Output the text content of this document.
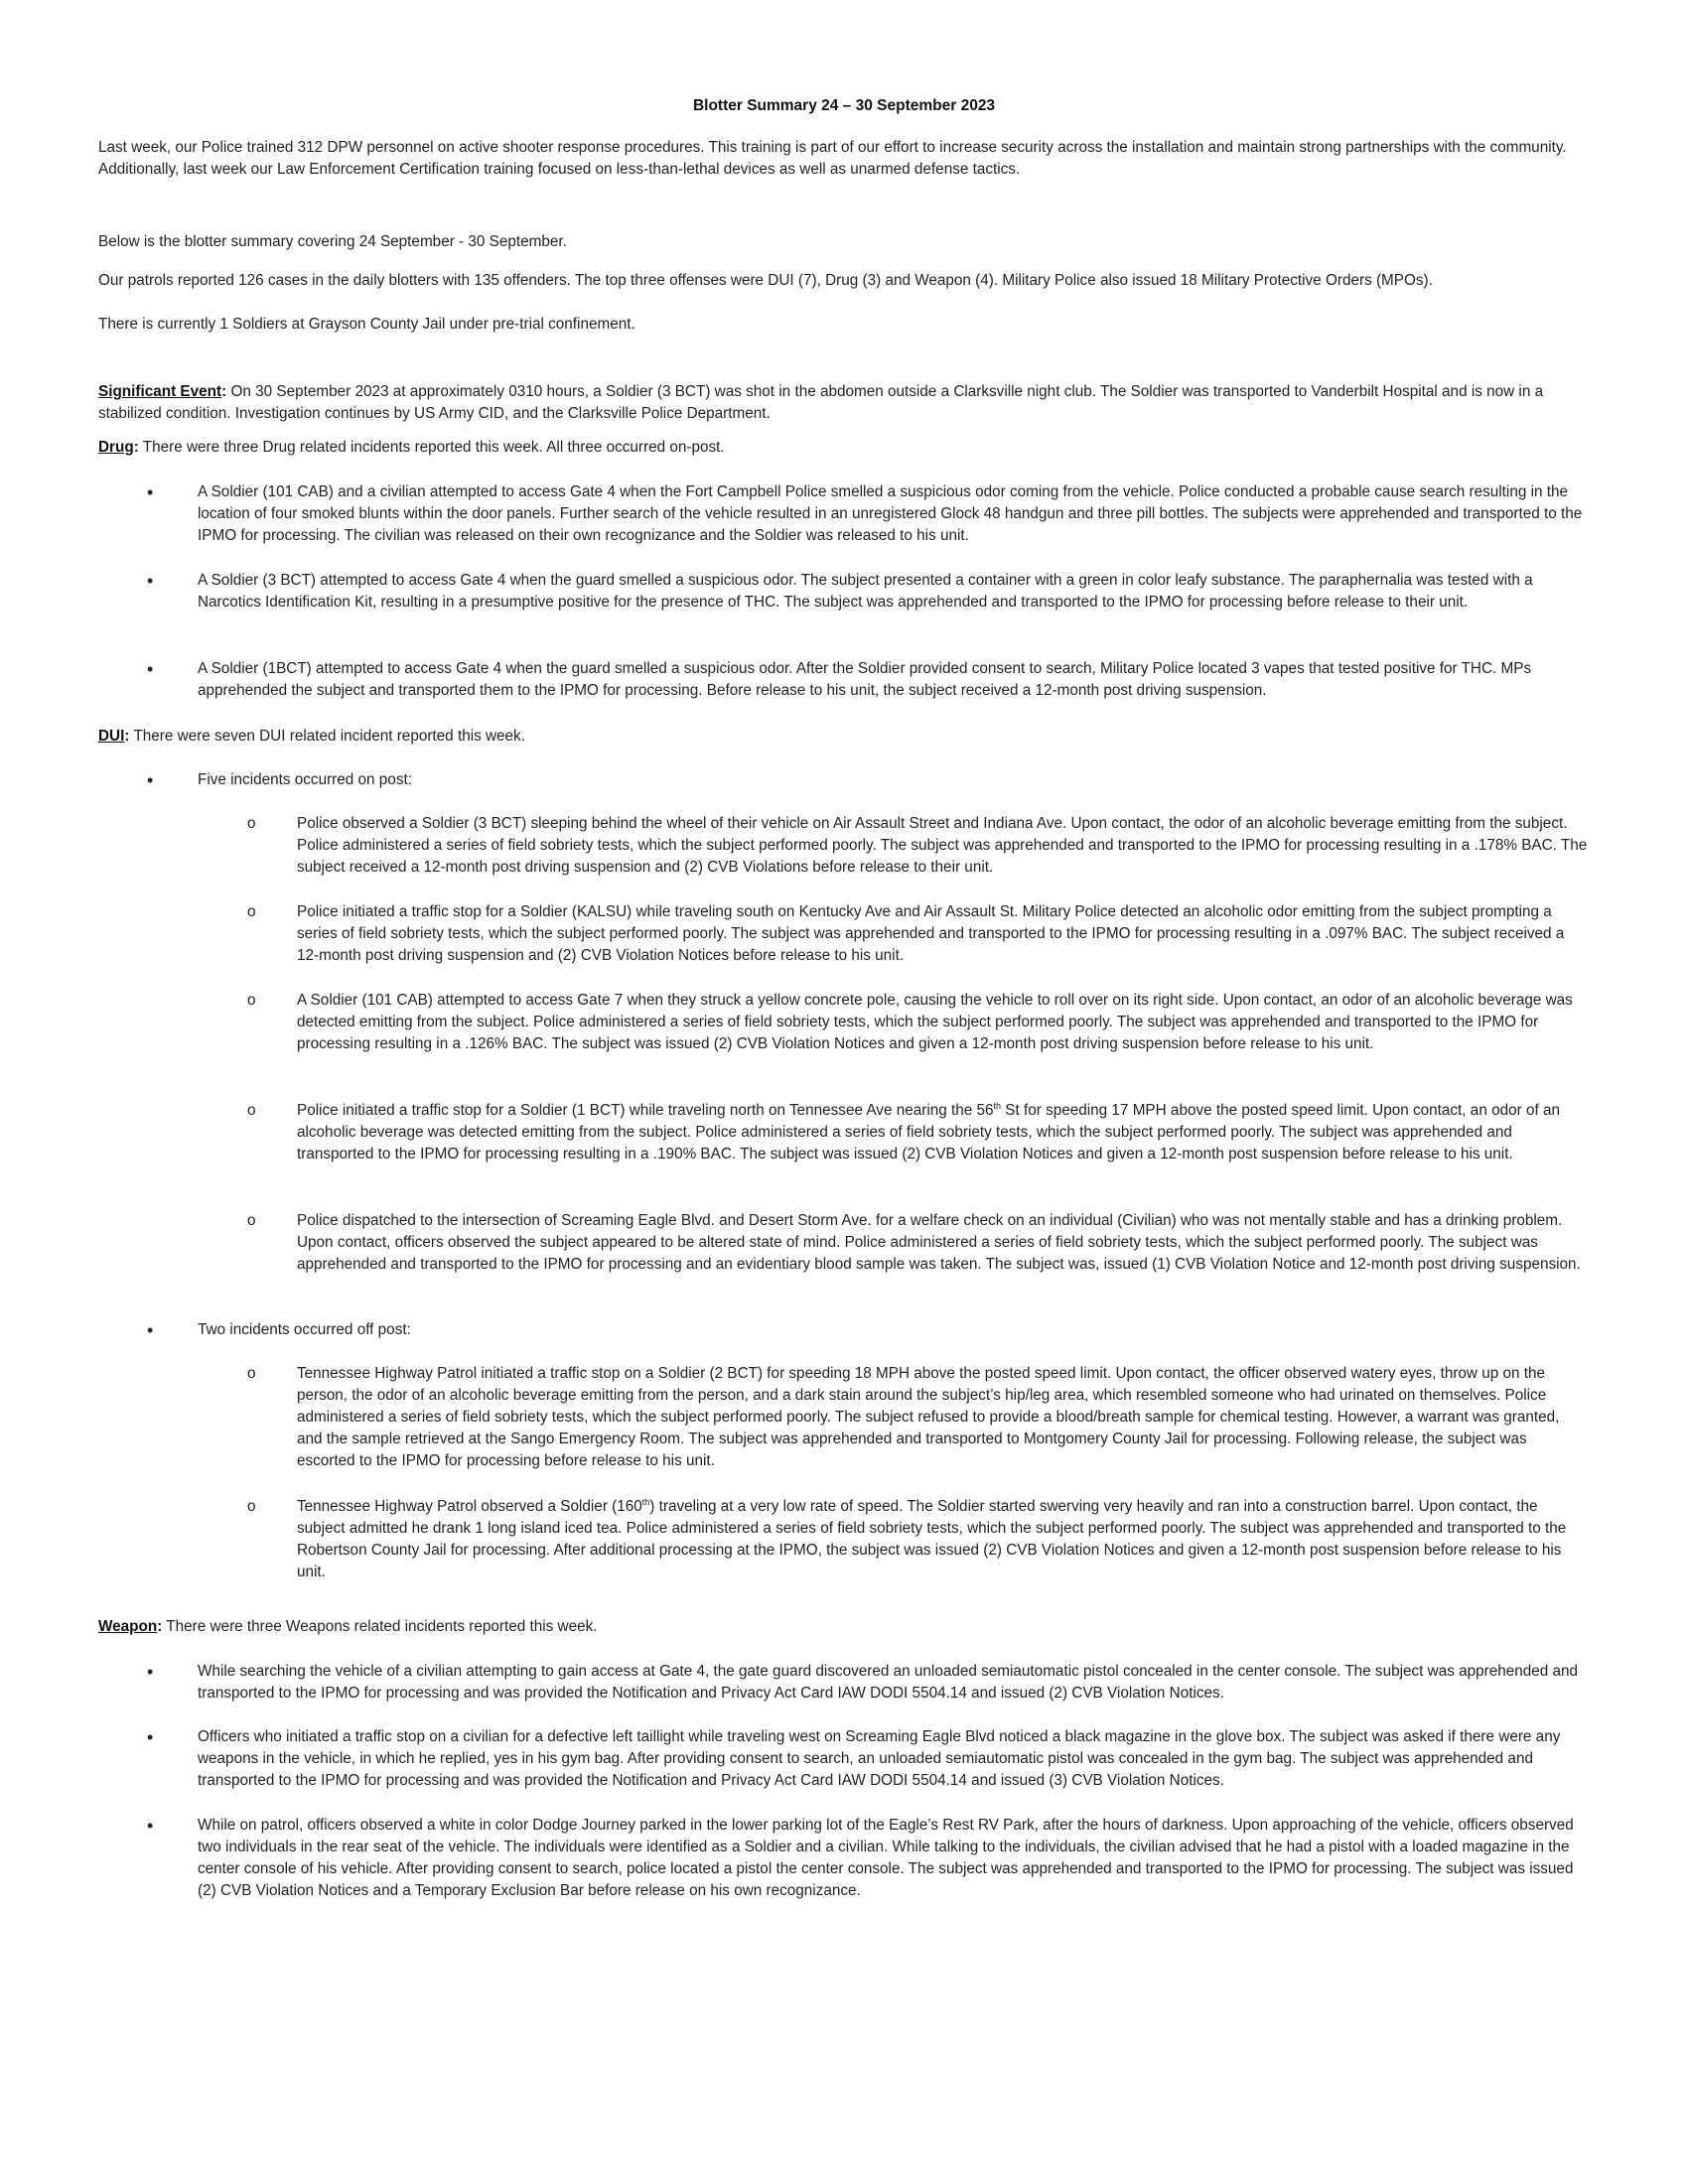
Blotter Summary 24 – 30 September 2023

Last week, our Police trained 312 DPW personnel on active shooter response procedures. This training is part of our effort to increase security across the installation and maintain strong partnerships with the community. Additionally, last week our Law Enforcement Certification training focused on less-than-lethal devices as well as unarmed defense tactics.

Below is the blotter summary covering 24 September - 30 September.

Our patrols reported 126 cases in the daily blotters with 135 offenders. The top three offenses were DUI (7), Drug (3) and Weapon (4). Military Police also issued 18 Military Protective Orders (MPOs).

There is currently 1 Soldiers at Grayson County Jail under pre-trial confinement.

Significant Event: On 30 September 2023 at approximately 0310 hours, a Soldier (3 BCT) was shot in the abdomen outside a Clarksville night club. The Soldier was transported to Vanderbilt Hospital and is now in a stabilized condition. Investigation continues by US Army CID, and the Clarksville Police Department.

Drug: There were three Drug related incidents reported this week. All three occurred on-post.

•	A Soldier (101 CAB) and a civilian attempted to access Gate 4 when the Fort Campbell Police smelled a suspicious odor coming from the vehicle. Police conducted a probable cause search resulting in the location of four smoked blunts within the door panels. Further search of the vehicle resulted in an unregistered Glock 48 handgun and three pill bottles. The subjects were apprehended and transported to the IPMO for processing. The civilian was released on their own recognizance and the Soldier was released to his unit.

•	A Soldier (3 BCT) attempted to access Gate 4 when the guard smelled a suspicious odor. The subject presented a container with a green in color leafy substance. The paraphernalia was tested with a Narcotics Identification Kit, resulting in a presumptive positive for the presence of THC. The subject was apprehended and transported to the IPMO for processing before release to their unit.

•	A Soldier (1BCT) attempted to access Gate 4 when the guard smelled a suspicious odor. After the Soldier provided consent to search, Military Police located 3 vapes that tested positive for THC. MPs apprehended the subject and transported them to the IPMO for processing. Before release to his unit, the subject received a 12-month post driving suspension.

DUI: There were seven DUI related incident reported this week.

•	Five incidents occurred on post:

o	Police observed a Soldier (3 BCT) sleeping behind the wheel of their vehicle on Air Assault Street and Indiana Ave. Upon contact, the odor of an alcoholic beverage emitting from the subject. Police administered a series of field sobriety tests, which the subject performed poorly. The subject was apprehended and transported to the IPMO for processing resulting in a .178% BAC. The subject received a 12-month post driving suspension and (2) CVB Violations before release to their unit.

o	Police initiated a traffic stop for a Soldier (KALSU) while traveling south on Kentucky Ave and Air Assault St. Military Police detected an alcoholic odor emitting from the subject prompting a series of field sobriety tests, which the subject performed poorly. The subject was apprehended and transported to the IPMO for processing resulting in a .097% BAC. The subject received a 12-month post driving suspension and (2) CVB Violation Notices before release to his unit.

o	A Soldier (101 CAB) attempted to access Gate 7 when they struck a yellow concrete pole, causing the vehicle to roll over on its right side. Upon contact, an odor of an alcoholic beverage was detected emitting from the subject. Police administered a series of field sobriety tests, which the subject performed poorly. The subject was apprehended and transported to the IPMO for processing resulting in a .126% BAC. The subject was issued (2) CVB Violation Notices and given a 12-month post driving suspension before release to his unit.

o	Police initiated a traffic stop for a Soldier (1 BCT) while traveling north on Tennessee Ave nearing the 56th St for speeding 17 MPH above the posted speed limit. Upon contact, an odor of an alcoholic beverage was detected emitting from the subject. Police administered a series of field sobriety tests, which the subject performed poorly. The subject was apprehended and transported to the IPMO for processing resulting in a .190% BAC. The subject was issued (2) CVB Violation Notices and given a 12-month post suspension before release to his unit.

o	Police dispatched to the intersection of Screaming Eagle Blvd. and Desert Storm Ave. for a welfare check on an individual (Civilian) who was not mentally stable and has a drinking problem. Upon contact, officers observed the subject appeared to be altered state of mind. Police administered a series of field sobriety tests, which the subject performed poorly. The subject was apprehended and transported to the IPMO for processing and an evidentiary blood sample was taken. The subject was, issued (1) CVB Violation Notice and 12-month post driving suspension.

•	Two incidents occurred off post:

o	Tennessee Highway Patrol initiated a traffic stop on a Soldier (2 BCT) for speeding 18 MPH above the posted speed limit. Upon contact, the officer observed watery eyes, throw up on the person, the odor of an alcoholic beverage emitting from the person, and a dark stain around the subject’s hip/leg area, which resembled someone who had urinated on themselves. Police administered a series of field sobriety tests, which the subject performed poorly. The subject refused to provide a blood/breath sample for chemical testing. However, a warrant was granted, and the sample retrieved at the Sango Emergency Room. The subject was apprehended and transported to Montgomery County Jail for processing. Following release, the subject was escorted to the IPMO for processing before release to his unit.

o	Tennessee Highway Patrol observed a Soldier (160th) traveling at a very low rate of speed. The Soldier started swerving very heavily and ran into a construction barrel. Upon contact, the subject admitted he drank 1 long island iced tea. Police administered a series of field sobriety tests, which the subject performed poorly. The subject was apprehended and transported to the Robertson County Jail for processing. After additional processing at the IPMO, the subject was issued (2) CVB Violation Notices and given a 12-month post suspension before release to his unit.

Weapon: There were three Weapons related incidents reported this week.

•	While searching the vehicle of a civilian attempting to gain access at Gate 4, the gate guard discovered an unloaded semiautomatic pistol concealed in the center console. The subject was apprehended and transported to the IPMO for processing and was provided the Notification and Privacy Act Card IAW DODI 5504.14 and issued (2) CVB Violation Notices.

•	Officers who initiated a traffic stop on a civilian for a defective left taillight while traveling west on Screaming Eagle Blvd noticed a black magazine in the glove box. The subject was asked if there were any weapons in the vehicle, in which he replied, yes in his gym bag. After providing consent to search, an unloaded semiautomatic pistol was concealed in the gym bag. The subject was apprehended and transported to the IPMO for processing and was provided the Notification and Privacy Act Card IAW DODI 5504.14 and issued (3) CVB Violation Notices.

•	While on patrol, officers observed a white in color Dodge Journey parked in the lower parking lot of the Eagle’s Rest RV Park, after the hours of darkness. Upon approaching of the vehicle, officers observed two individuals in the rear seat of the vehicle. The individuals were identified as a Soldier and a civilian. While talking to the individuals, the civilian advised that he had a pistol with a loaded magazine in the center console of his vehicle. After providing consent to search, police located a pistol the center console. The subject was apprehended and transported to the IPMO for processing. The subject was issued (2) CVB Violation Notices and a Temporary Exclusion Bar before release on his own recognizance.
